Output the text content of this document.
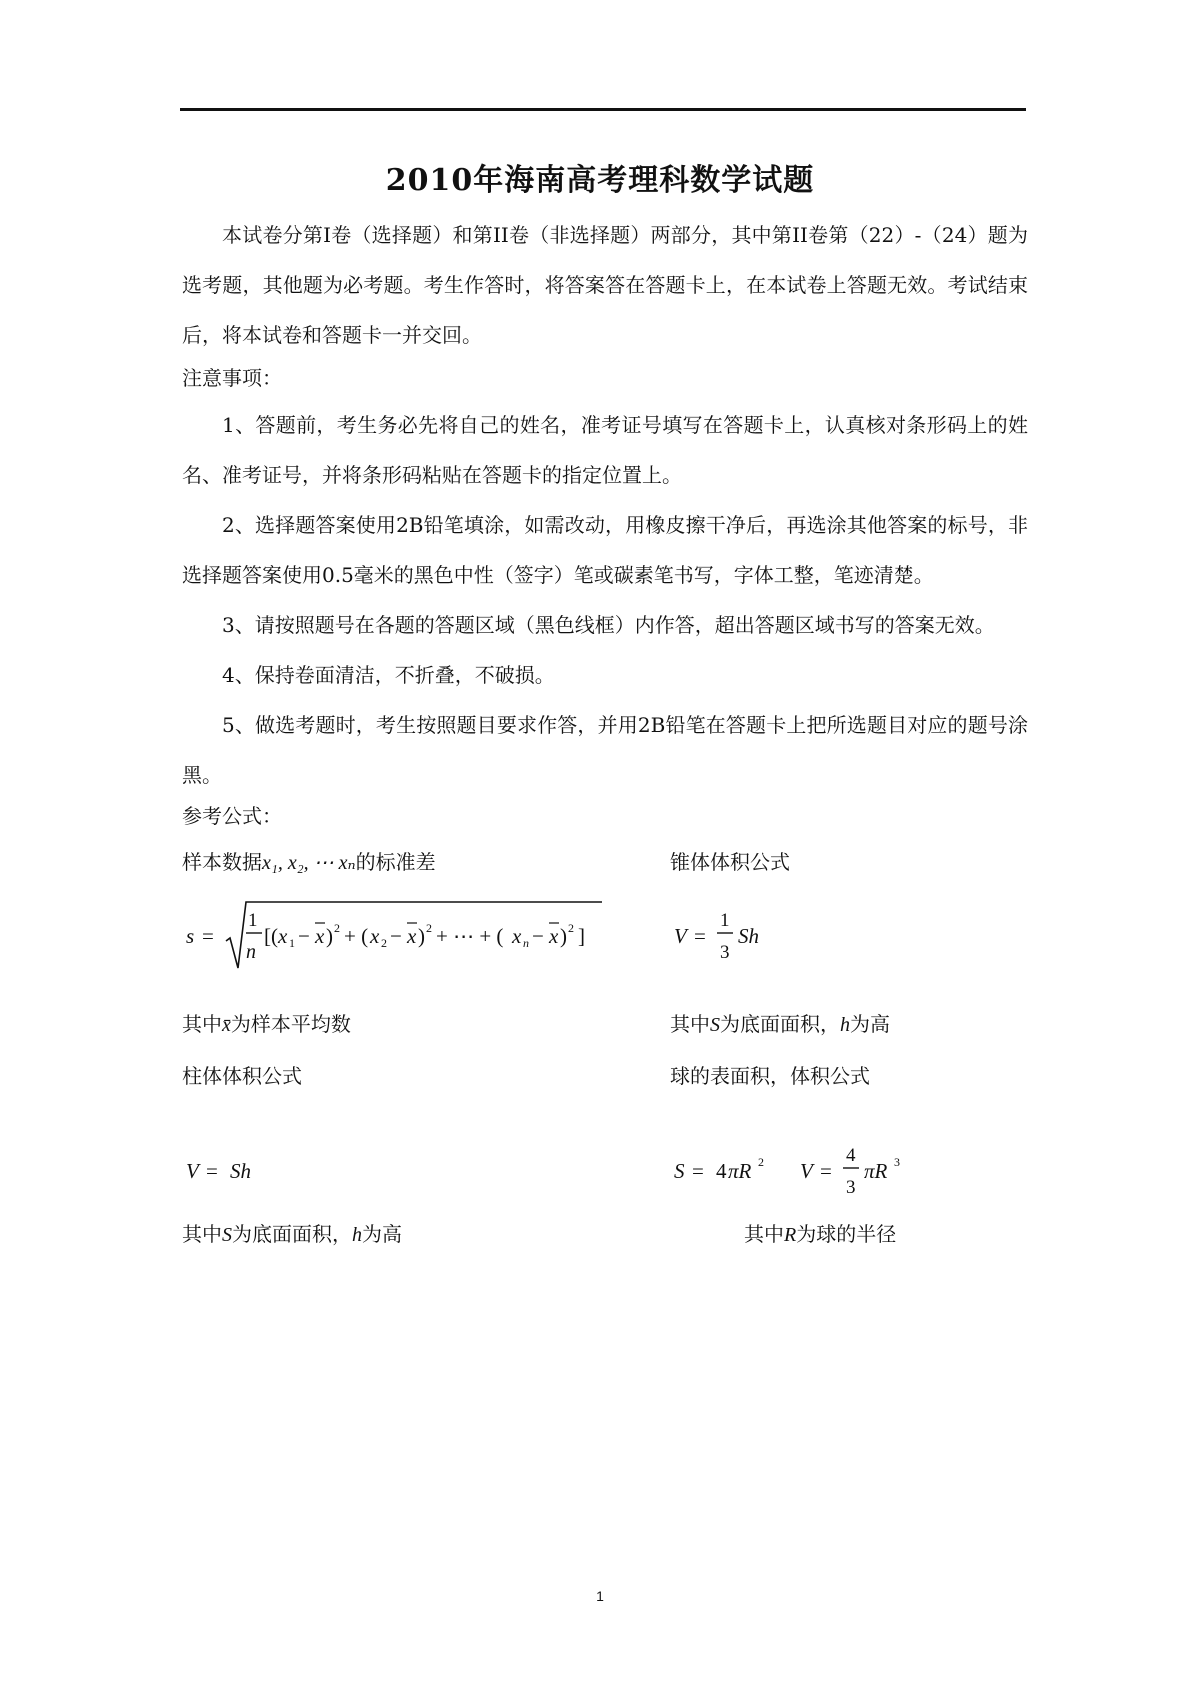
2010年海南高考理科数学试题
本试卷分第I卷（选择题）和第II卷（非选择题）两部分，其中第II卷第（22）-（24）题为选考题，其他题为必考题。考生作答时，将答案答在答题卡上，在本试卷上答题无效。考试结束后，将本试卷和答题卡一并交回。
注意事项：
1、答题前，考生务必先将自己的姓名，准考证号填写在答题卡上，认真核对条形码上的姓名、准考证号，并将条形码粘贴在答题卡的指定位置上。
2、选择题答案使用2B铅笔填涂，如需改动，用橡皮擦干净后，再选涂其他答案的标号，非选择题答案使用0.5毫米的黑色中性（签字）笔或碳素笔书写，字体工整，笔迹清楚。
3、请按照题号在各题的答题区域（黑色线框）内作答，超出答题区域书写的答案无效。
4、保持卷面清洁，不折叠，不破损。
5、做选考题时，考生按照题目要求作答，并用2B铅笔在答题卡上把所选题目对应的题号涂黑。
参考公式：
样本数据x₁, x₂, ⋯ xₙ的标准差	锥体体积公式
s =
1
n
[( x 1 − x ) 2 + ( x 2 − x ) 2 + ⋯ + ( x n − x ) 2 ]	V =
1
3
Sh
其中x̄为样本平均数	其中S为底面面积，h为高
柱体体积公式	球的表面积，体积公式
V = Sh	S = 4 πR 2 V =
4
3
πR 3
其中S为底面面积，h为高	其中R为球的半径
1
